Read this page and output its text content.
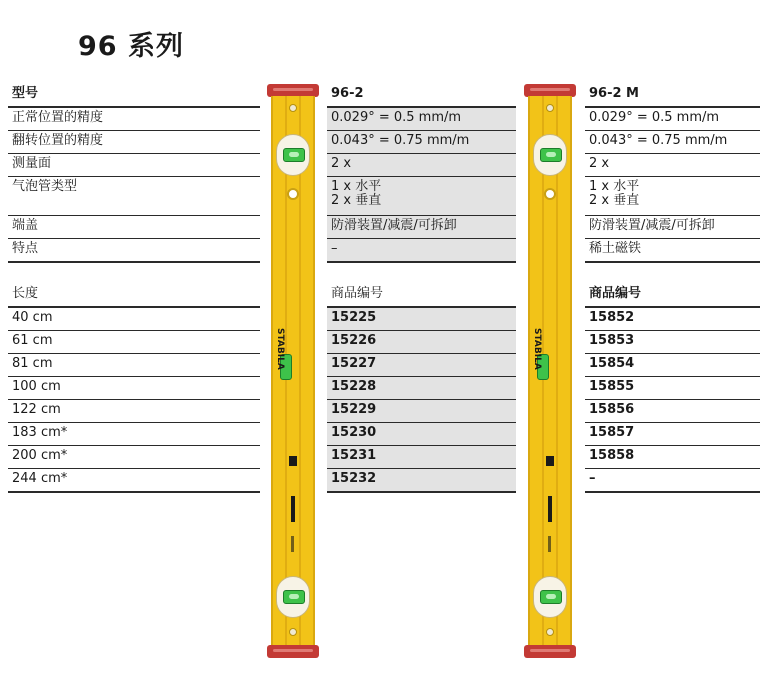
96 系列
型号
正常位置的精度
翻转位置的精度
测量面
气泡管类型
端盖
特点
长度
40 cm
61 cm
81 cm
100 cm
122 cm
183 cm*
200 cm*
244 cm*
96-2
0.029° = 0.5 mm/m
0.043° = 0.75 mm/m
2 x
1 x 水平
2 x 垂直
防滑装置/减震/可拆卸
–
商品编号
15225
15226
15227
15228
15229
15230
15231
15232
96-2 M
0.029° = 0.5 mm/m
0.043° = 0.75 mm/m
2 x
1 x 水平
2 x 垂直
防滑装置/减震/可拆卸
稀土磁铁
商品编号
15852
15853
15854
15855
15856
15857
15858
–
STABILA	STABILA
